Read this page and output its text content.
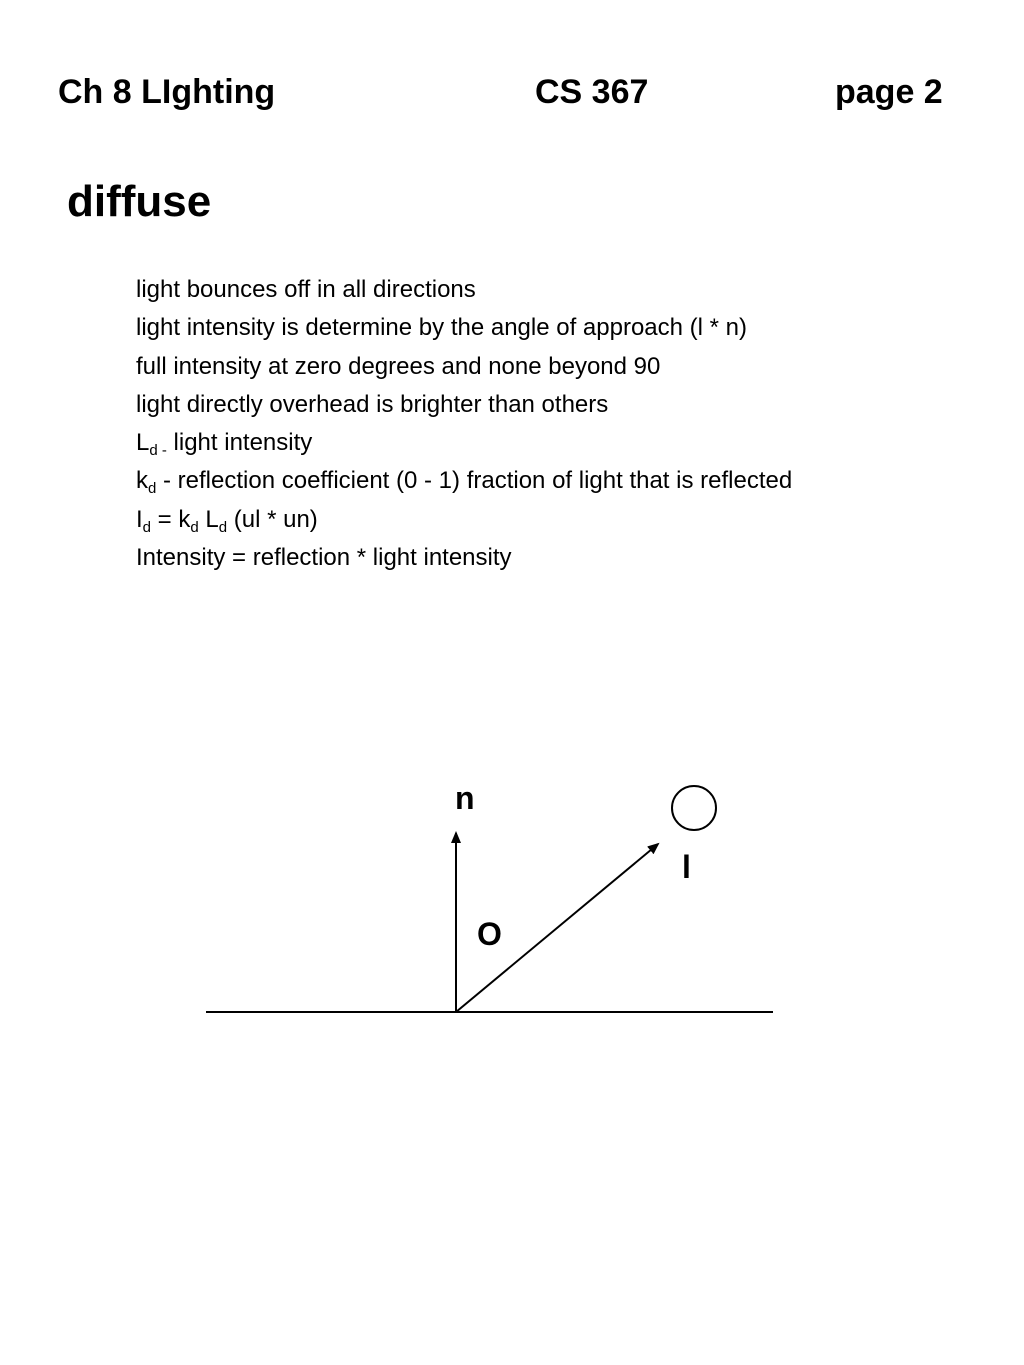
Ch 8 LIghting	CS 367	page 2
diffuse
light bounces off in all directions
light intensity is determine by the angle of approach (l * n)
full intensity at zero degrees and none beyond 90
light directly overhead is brighter than others
$L_{d -}$ light intensity
$k_d$ - reflection coefficient (0 - 1) fraction of light that is reflected
$I_d = k_d$ $L_d$ (ul * un)
Intensity = reflection * light intensity
n
l
O
